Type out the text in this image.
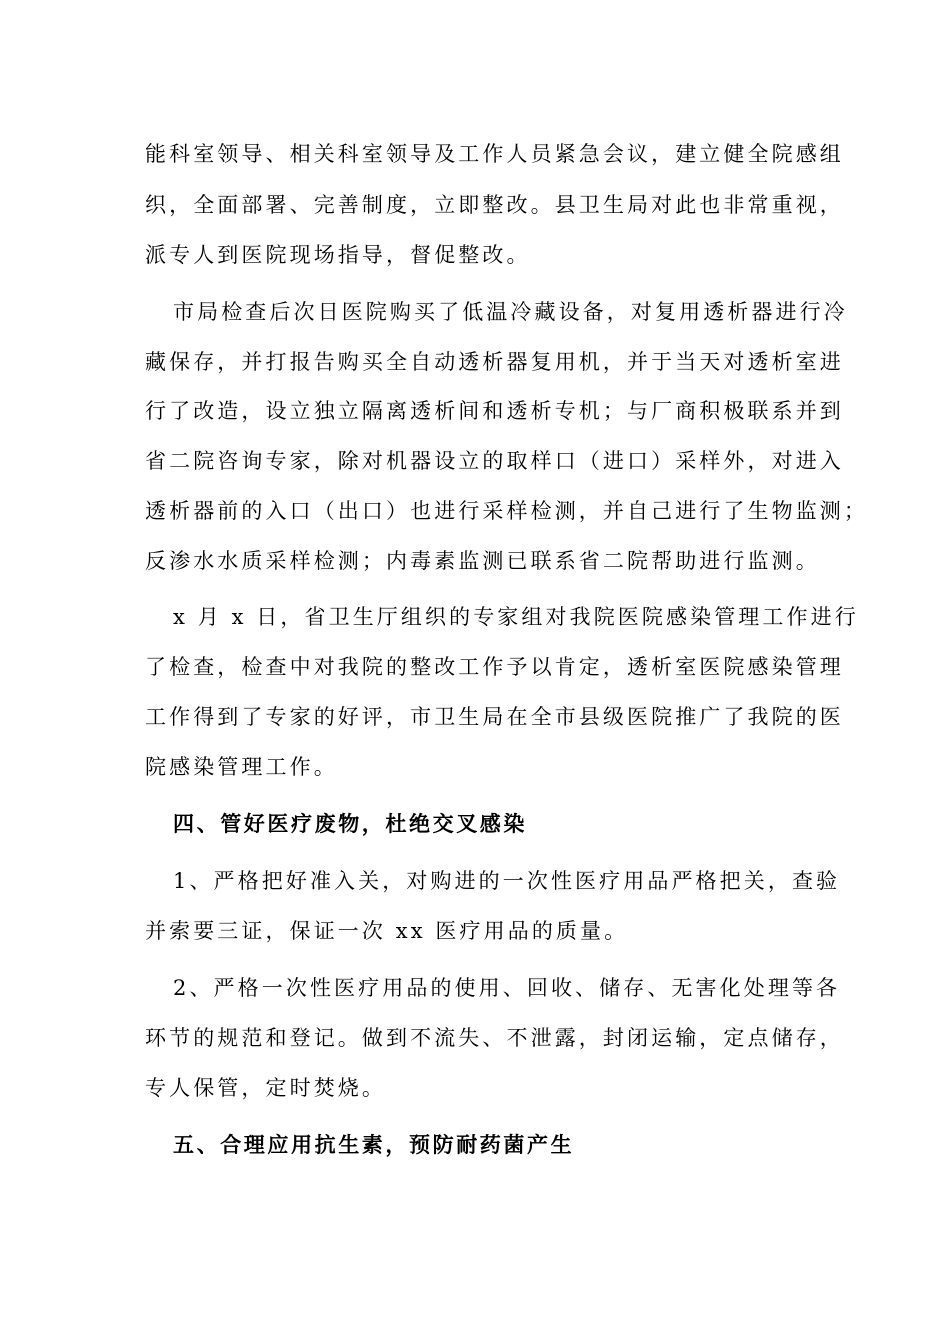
能科室领导、相关科室领导及工作人员紧急会议，建立健全院感组
织，全面部署、完善制度，立即整改。县卫生局对此也非常重视，
派专人到医院现场指导，督促整改。
市局检查后次日医院购买了低温冷藏设备，对复用透析器进行冷
藏保存，并打报告购买全自动透析器复用机，并于当天对透析室进
行了改造，设立独立隔离透析间和透析专机；与厂商积极联系并到
省二院咨询专家，除对机器设立的取样口（进口）采样外，对进入
透析器前的入口（出口）也进行采样检测，并自己进行了生物监测；
反渗水水质采样检测；内毒素监测已联系省二院帮助进行监测。
x 月 x 日，省卫生厅组织的专家组对我院医院感染管理工作进行
了检查，检查中对我院的整改工作予以肯定，透析室医院感染管理
工作得到了专家的好评，市卫生局在全市县级医院推广了我院的医
院感染管理工作。
四、管好医疗废物，杜绝交叉感染
1、严格把好准入关，对购进的一次性医疗用品严格把关，查验
并索要三证，保证一次 xx 医疗用品的质量。
2、严格一次性医疗用品的使用、回收、储存、无害化处理等各
环节的规范和登记。做到不流失、不泄露，封闭运输，定点储存，
专人保管，定时焚烧。
五、合理应用抗生素，预防耐药菌产生
